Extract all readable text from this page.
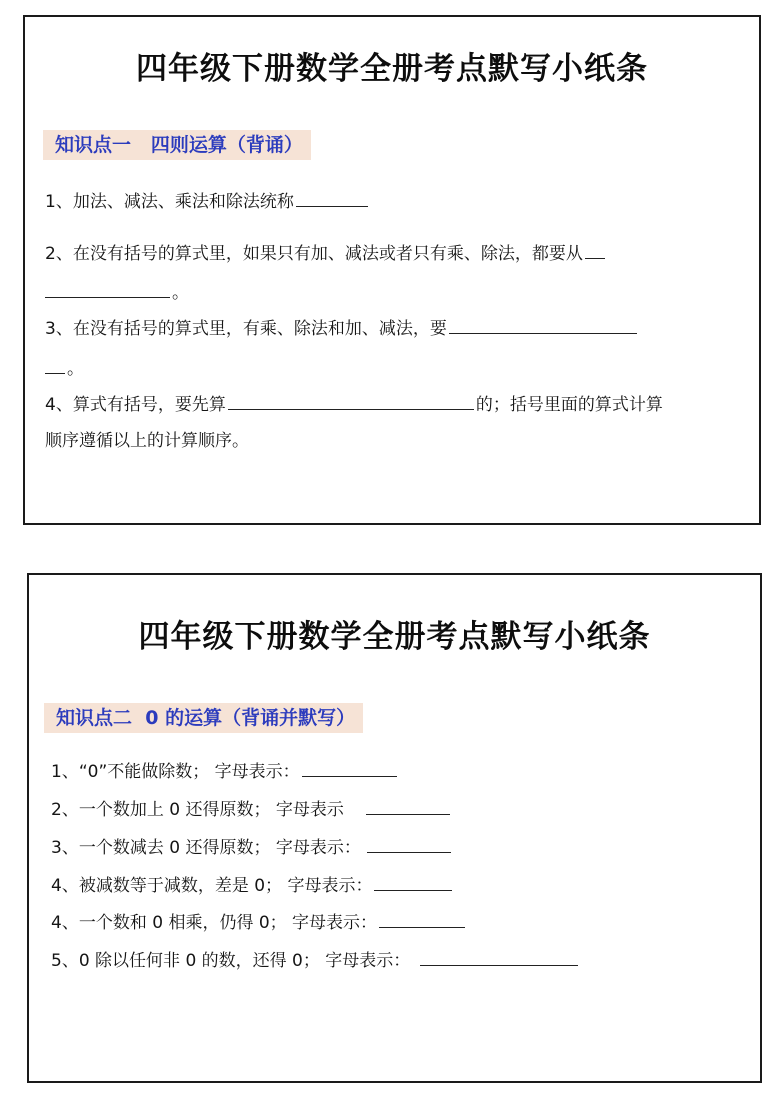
四年级下册数学全册考点默写小纸条
知识点一   四则运算（背诵）
1、加法、减法、乘法和除法统称
2、在没有括号的算式里，如果只有加、减法或者只有乘、除法，都要从
。
3、在没有括号的算式里，有乘、除法和加、减法，要
。
4、算式有括号，要先算	的；括号里面的算式计算
顺序遵循以上的计算顺序。
四年级下册数学全册考点默写小纸条
知识点二  0 的运算（背诵并默写）
1、“0”不能做除数； 字母表示：
2、一个数加上 0 还得原数； 字母表示
3、一个数减去 0 还得原数； 字母表示：
4、被减数等于减数，差是 0； 字母表示：
4、一个数和 0 相乘，仍得 0； 字母表示：
5、0 除以任何非 0 的数，还得 0； 字母表示：
